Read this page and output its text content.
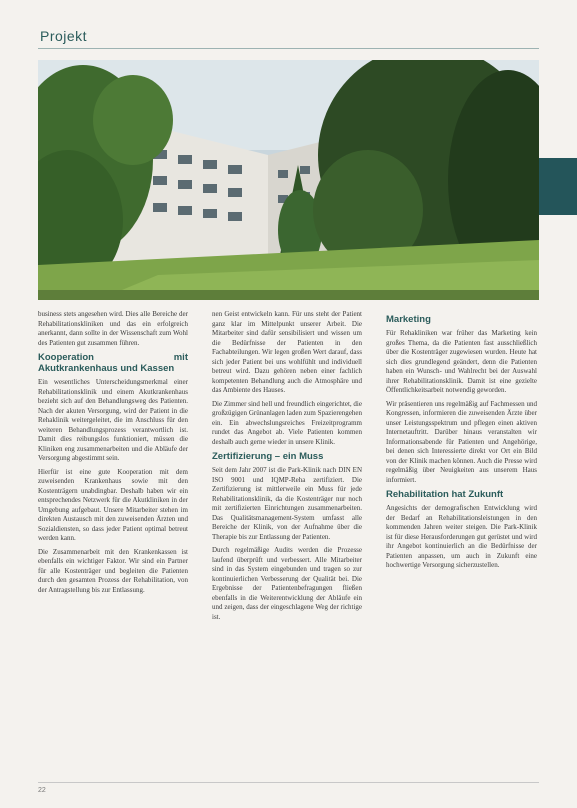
Projekt

business stets angesehen wird. Dies alle Bereiche der Rehabilitationskliniken und das ein erfolgreich anerkannt, dann sollte in der Wissenschaft zum Wohl des Patienten gut zusammen führen.

Kooperation mit Akutkrankenhaus und Kassen

Ein wesentliches Unterscheidungsmerkmal einer Rehabilitationsklinik und einem Akutkrankenhaus bezieht sich auf den Behandlungsweg des Patienten. Nach der akuten Versorgung, wird der Patient in die Rehaklinik weitergeleitet, die im Anschluss für den weiteren Behandlungsprozess verantwortlich ist. Damit dies reibungslos funktioniert, müssen die Kliniken eng zusammenarbeiten und die Abläufe der Versorgung abgestimmt sein.

Hierfür ist eine gute Kooperation mit dem zuweisenden Krankenhaus sowie mit den Kostenträgern unabdingbar. Deshalb haben wir ein entsprechendes Netzwerk für die Akutkliniken in der Umgebung aufgebaut. Unsere Mitarbeiter stehen im direkten Austausch mit den zuweisenden Ärzten und Sozialdiensten, so dass jeder Patient optimal betreut werden kann.

Die Zusammenarbeit mit den Krankenkassen ist ebenfalls ein wichtiger Faktor. Wir sind ein Partner für alle Kostenträger und begleiten die Patienten durch den gesamten Prozess der Rehabilitation, von der Antragstellung bis zur Entlassung.

nen Geist entwickeln kann. Für uns steht der Patient ganz klar im Mittelpunkt unserer Arbeit. Die Mitarbeiter sind dafür sensibilisiert und wissen um die Bedürfnisse der Patienten in den Fachabteilungen. Wir legen großen Wert darauf, dass sich jeder Patient bei uns wohlfühlt und individuell betreut wird. Dazu gehören neben einer fachlich kompetenten Behandlung auch die Atmosphäre und das Ambiente des Hauses.

Die Zimmer sind hell und freundlich eingerichtet, die großzügigen Grünanlagen laden zum Spazierengehen ein. Ein abwechslungsreiches Freizeitprogramm rundet das Angebot ab. Viele Patienten kommen deshalb auch gerne wieder in unsere Klinik.

Zertifizierung – ein Muss

Seit dem Jahr 2007 ist die Park-Klinik nach DIN EN ISO 9001 und IQMP-Reha zertifiziert. Die Zertifizierung ist mittlerweile ein Muss für jede Rehabilitationsklinik, da die Kostenträger nur noch mit zertifizierten Einrichtungen zusammenarbeiten. Das Qualitätsmanagement-System umfasst alle Bereiche der Klinik, von der Aufnahme über die Therapie bis zur Entlassung der Patienten.

Durch regelmäßige Audits werden die Prozesse laufend überprüft und verbessert. Alle Mitarbeiter sind in das System eingebunden und tragen so zur kontinuierlichen Verbesserung der Qualität bei. Die Ergebnisse der Patientenbefragungen fließen ebenfalls in die Weiterentwicklung der Abläufe ein und zeigen, dass der eingeschlagene Weg der richtige ist.

Marketing

Für Rehakliniken war früher das Marketing kein großes Thema, da die Patienten fast ausschließlich über die Kostenträger zugewiesen wurden. Heute hat sich dies grundlegend geändert, denn die Patienten haben ein Wunsch- und Wahlrecht bei der Auswahl ihrer Rehabilitationsklinik. Damit ist eine gezielte Öffentlichkeitsarbeit notwendig geworden.

Wir präsentieren uns regelmäßig auf Fachmessen und Kongressen, informieren die zuweisenden Ärzte über unser Leistungsspektrum und pflegen einen aktiven Internetauftritt. Darüber hinaus veranstalten wir Informationsabende für Patienten und Angehörige, bei denen sich Interessierte direkt vor Ort ein Bild von der Klinik machen können. Auch die Presse wird regelmäßig über Neuigkeiten aus unserem Haus informiert.

Rehabilitation hat Zukunft

Angesichts der demografischen Entwicklung wird der Bedarf an Rehabilitationsleistungen in den kommenden Jahren weiter steigen. Die Park-Klinik ist für diese Herausforderungen gut gerüstet und wird ihr Angebot kontinuierlich an die Bedürfnisse der Patienten anpassen, um auch in Zukunft eine hochwertige Versorgung sicherzustellen.

22
